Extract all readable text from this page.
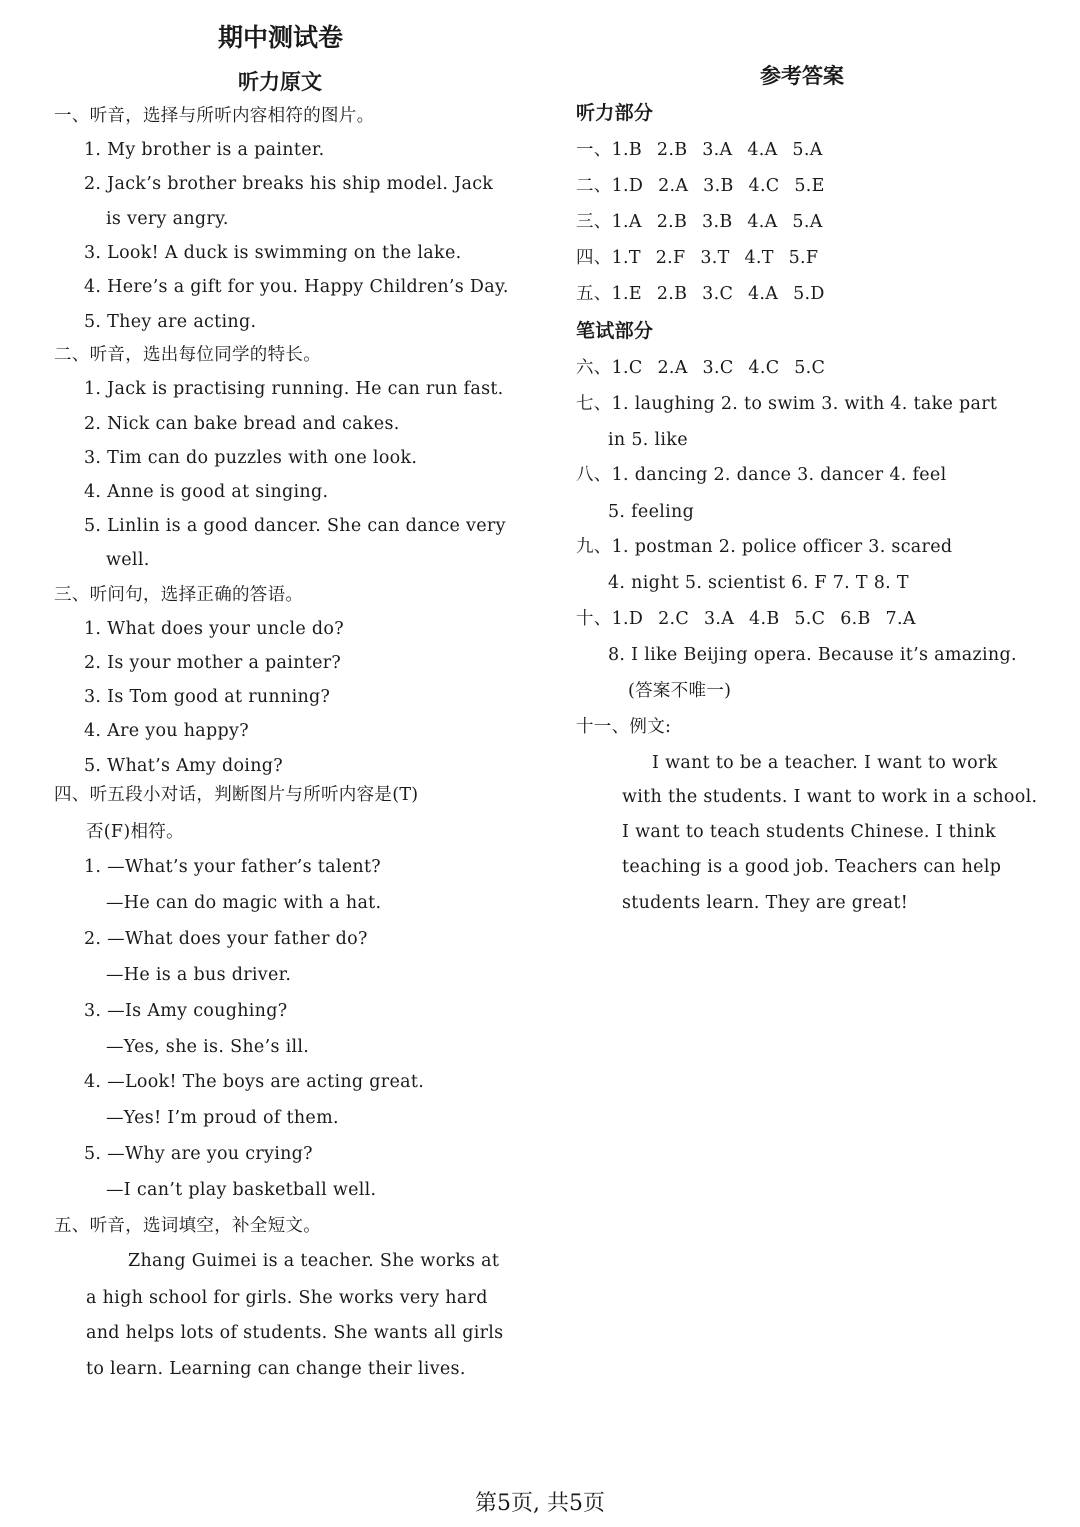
期中测试卷
听力原文	参考答案
一、听音，选择与所听内容相符的图片。
1. My brother is a painter.
2. Jack’s brother breaks his ship model. Jack
is very angry.
3. Look! A duck is swimming on the lake.
4. Here’s a gift for you. Happy Children’s Day.
5. They are acting.
二、听音，选出每位同学的特长。
1. Jack is practising running. He can run fast.
2. Nick can bake bread and cakes.
3. Tim can do puzzles with one look.
4. Anne is good at singing.
5. Linlin is a good dancer. She can dance very
well.
三、听问句，选择正确的答语。
1. What does your uncle do?
2. Is your mother a painter?
3. Is Tom good at running?
4. Are you happy?
5. What’s Amy doing?
四、听五段小对话，判断图片与所听内容是(T)
否(F)相符。
1. —What’s your father’s talent?
—He can do magic with a hat.
2. —What does your father do?
—He is a bus driver.
3. —Is Amy coughing?
—Yes, she is. She’s ill.
4. —Look! The boys are acting great.
—Yes! I’m proud of them.
5. —Why are you crying?
—I can’t play basketball well.
五、听音，选词填空，补全短文。
Zhang Guimei is a teacher. She works at
a high school for girls. She works very hard
and helps lots of students. She wants all girls
to learn. Learning can change their lives.
听力部分
一、1.B 2.B 3.A 4.A 5.A
二、1.D 2.A 3.B 4.C 5.E
三、1.A 2.B 3.B 4.A 5.A
四、1.T 2.F 3.T 4.T 5.F
五、1.E 2.B 3.C 4.A 5.D
笔试部分
六、1.C 2.A 3.C 4.C 5.C
七、1. laughing 2. to swim 3. with 4. take part
in 5. like
八、1. dancing 2. dance 3. dancer 4. feel
5. feeling
九、1. postman 2. police officer 3. scared
4. night 5. scientist 6. F 7. T 8. T
十、1.D 2.C 3.A 4.B 5.C 6.B 7.A
8. I like Beijing opera. Because it’s amazing.
(答案不唯一)
十一、例文:
I want to be a teacher. I want to work
with the students. I want to work in a school.
I want to teach students Chinese. I think
teaching is a good job. Teachers can help
students learn. They are great!
第5页, 共5页
